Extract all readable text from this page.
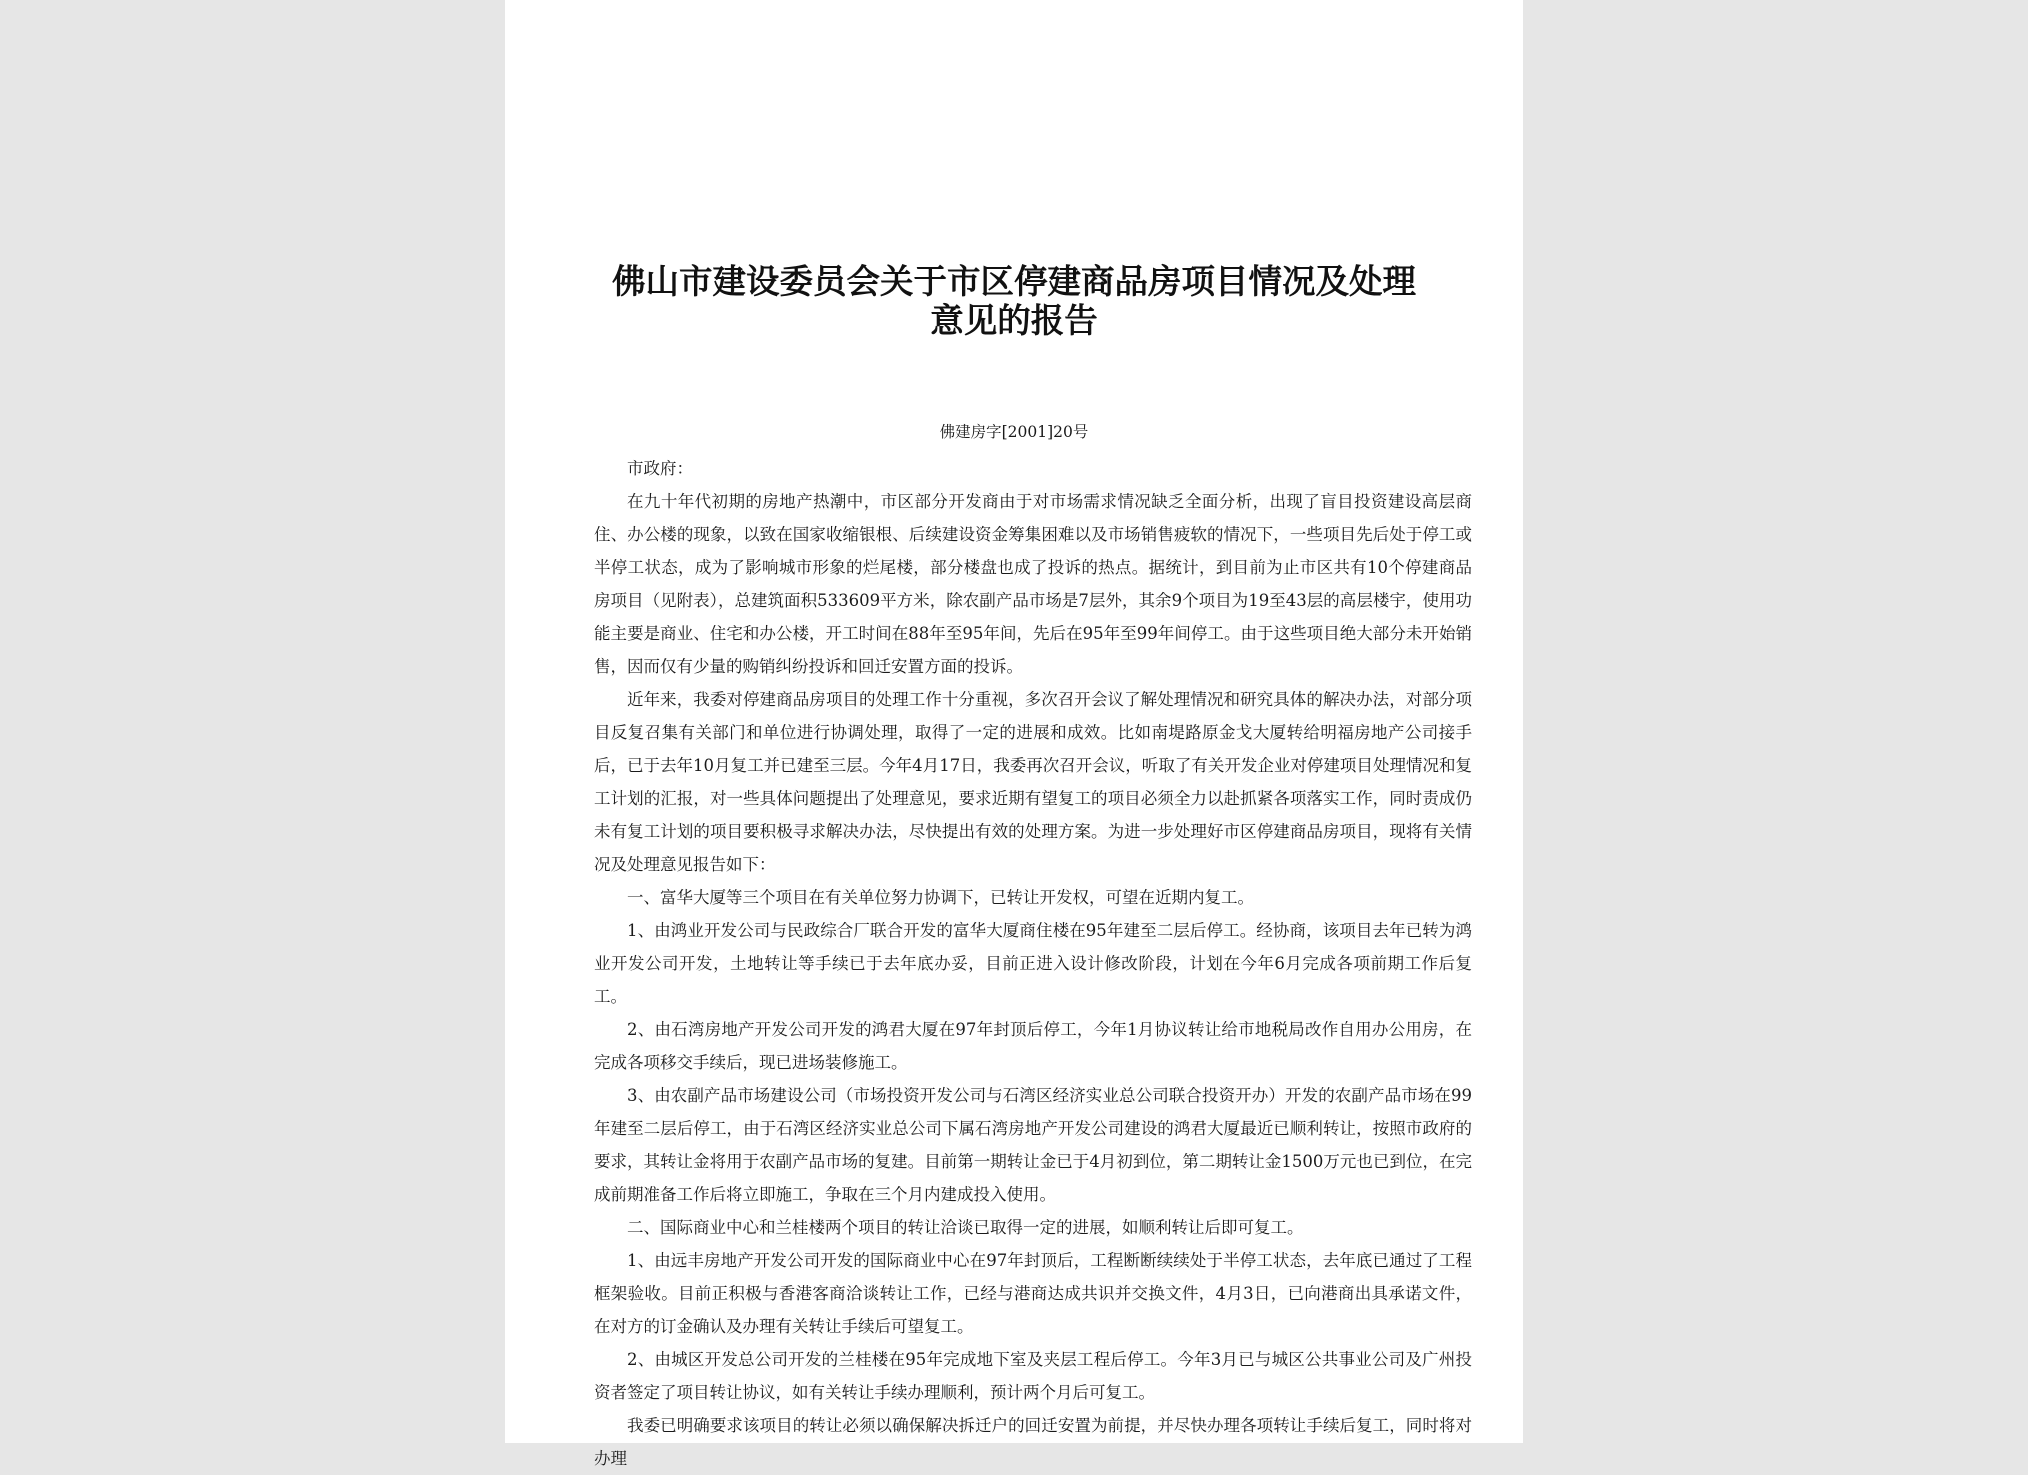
佛山市建设委员会关于市区停建商品房项目情况及处理意见的报告
佛建房字[2001]20号

市政府：

在九十年代初期的房地产热潮中，市区部分开发商由于对市场需求情况缺乏全面分析，出现了盲目投资建设高层商住、办公楼的现象，以致在国家收缩银根、后续建设资金筹集困难以及市场销售疲软的情况下，一些项目先后处于停工或半停工状态，成为了影响城市形象的烂尾楼，部分楼盘也成了投诉的热点。据统计，到目前为止市区共有10个停建商品房项目（见附表），总建筑面积533609平方米，除农副产品市场是7层外，其余9个项目为19至43层的高层楼宇，使用功能主要是商业、住宅和办公楼，开工时间在88年至95年间，先后在95年至99年间停工。由于这些项目绝大部分未开始销售，因而仅有少量的购销纠纷投诉和回迁安置方面的投诉。

近年来，我委对停建商品房项目的处理工作十分重视，多次召开会议了解处理情况和研究具体的解决办法，对部分项目反复召集有关部门和单位进行协调处理，取得了一定的进展和成效。比如南堤路原金戈大厦转给明福房地产公司接手后，已于去年10月复工并已建至三层。今年4月17日，我委再次召开会议，听取了有关开发企业对停建项目处理情况和复工计划的汇报，对一些具体问题提出了处理意见，要求近期有望复工的项目必须全力以赴抓紧各项落实工作，同时责成仍未有复工计划的项目要积极寻求解决办法，尽快提出有效的处理方案。为进一步处理好市区停建商品房项目，现将有关情况及处理意见报告如下：

一、富华大厦等三个项目在有关单位努力协调下，已转让开发权，可望在近期内复工。

1、由鸿业开发公司与民政综合厂联合开发的富华大厦商住楼在95年建至二层后停工。经协商，该项目去年已转为鸿业开发公司开发，土地转让等手续已于去年底办妥，目前正进入设计修改阶段，计划在今年6月完成各项前期工作后复工。

2、由石湾房地产开发公司开发的鸿君大厦在97年封顶后停工，今年1月协议转让给市地税局改作自用办公用房，在完成各项移交手续后，现已进场装修施工。

3、由农副产品市场建设公司（市场投资开发公司与石湾区经济实业总公司联合投资开办）开发的农副产品市场在99年建至二层后停工，由于石湾区经济实业总公司下属石湾房地产开发公司建设的鸿君大厦最近已顺利转让，按照市政府的要求，其转让金将用于农副产品市场的复建。目前第一期转让金已于4月初到位，第二期转让金1500万元也已到位，在完成前期准备工作后将立即施工，争取在三个月内建成投入使用。

二、国际商业中心和兰桂楼两个项目的转让洽谈已取得一定的进展，如顺利转让后即可复工。

1、由远丰房地产开发公司开发的国际商业中心在97年封顶后，工程断断续续处于半停工状态，去年底已通过了工程框架验收。目前正积极与香港客商洽谈转让工作，已经与港商达成共识并交换文件，4月3日，已向港商出具承诺文件，在对方的订金确认及办理有关转让手续后可望复工。

2、由城区开发总公司开发的兰桂楼在95年完成地下室及夹层工程后停工。今年3月已与城区公共事业公司及广州投资者签定了项目转让协议，如有关转让手续办理顺利，预计两个月后可复工。

我委已明确要求该项目的转让必须以确保解决拆迁户的回迁安置为前提，并尽快办理各项转让手续后复工，同时将对办理
